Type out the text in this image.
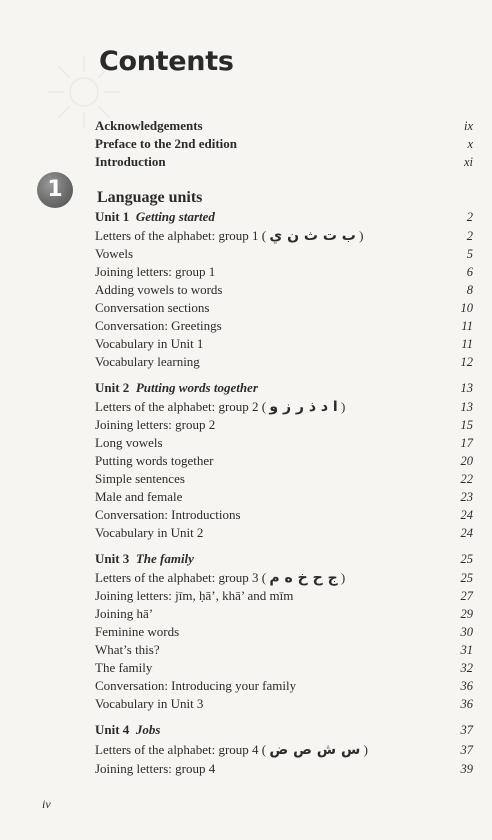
Contents
Acknowledgements	ix
Preface to the 2nd edition	x
Introduction	xi
1	Language units
Unit 1 Getting started	2
Letters of the alphabet: group 1 ( ب ت ث ن ي )	2
Vowels	5
Joining letters: group 1	6
Adding vowels to words	8
Conversation sections	10
Conversation: Greetings	11
Vocabulary in Unit 1	11
Vocabulary learning	12
Unit 2 Putting words together	13
Letters of the alphabet: group 2 ( ا د ذ ر ز و )	13
Joining letters: group 2	15
Long vowels	17
Putting words together	20
Simple sentences	22
Male and female	23
Conversation: Introductions	24
Vocabulary in Unit 2	24
Unit 3 The family	25
Letters of the alphabet: group 3 ( ج ح خ ه م )	25
Joining letters: jīm, ḥā’, khā’ and mīm	27
Joining hā’	29
Feminine words	30
What’s this?	31
The family	32
Conversation: Introducing your family	36
Vocabulary in Unit 3	36
Unit 4 Jobs	37
Letters of the alphabet: group 4 ( س ش ص ض )	37
Joining letters: group 4	39
iv
